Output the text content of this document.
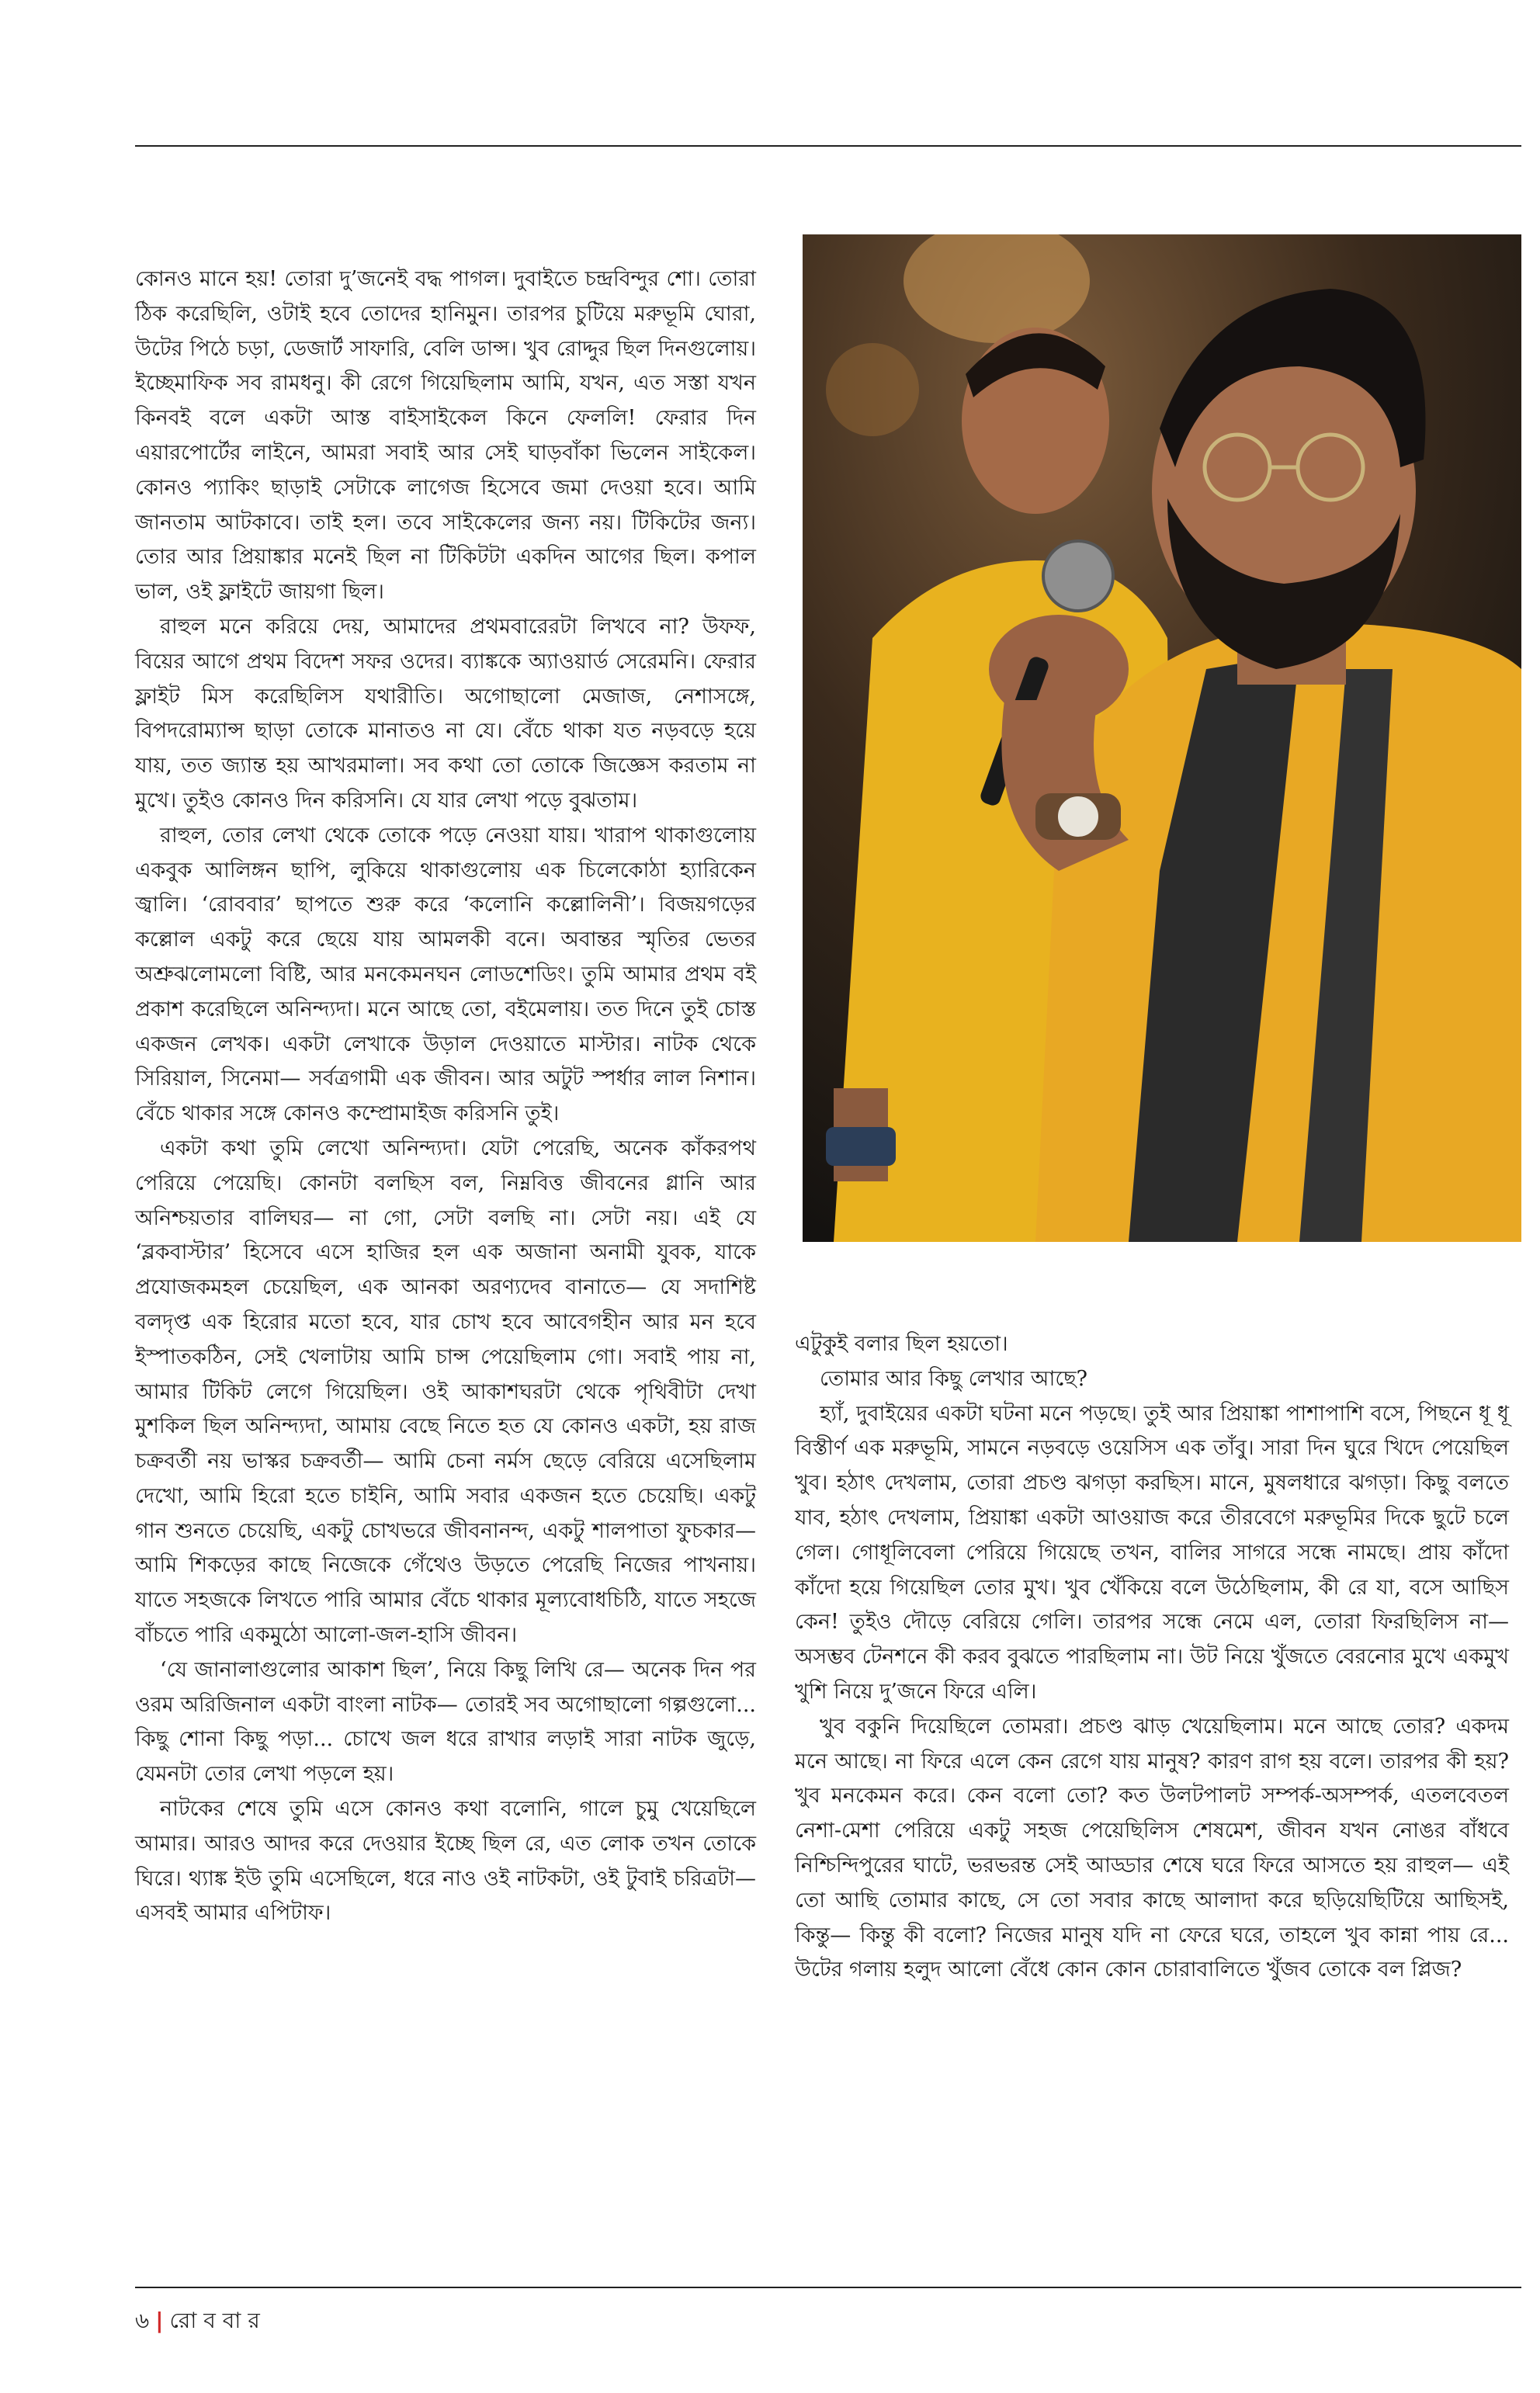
কোনও মানে হয়! তোরা দু’জনেই বদ্ধ পাগল। দুবাইতে চন্দ্রবিন্দুর শো। তোরা ঠিক করেছিলি, ওটাই হবে তোদের হানিমুন। তারপর চুটিয়ে মরুভূমি ঘোরা, উটের পিঠে চড়া, ডেজার্ট সাফারি, বেলি ডান্স। খুব রোদ্দুর ছিল দিনগুলোয়। ইচ্ছেমাফিক সব রামধনু। কী রেগে গিয়েছিলাম আমি, যখন, এত সস্তা যখন কিনবই বলে একটা আস্ত বাইসাইকেল কিনে ফেললি! ফেরার দিন এয়ারপোর্টের লাইনে, আমরা সবাই আর সেই ঘাড়বাঁকা ভিলেন সাইকেল। কোনও প্যাকিং ছাড়াই সেটাকে লাগেজ হিসেবে জমা দেওয়া হবে। আমি জানতাম আটকাবে। তাই হল। তবে সাইকেলের জন্য নয়। টিকিটের জন্য। তোর আর প্রিয়াঙ্কার মনেই ছিল না টিকিটটা একদিন আগের ছিল। কপাল ভাল, ওই ফ্লাইটে জায়গা ছিল।

রাহুল মনে করিয়ে দেয়, আমাদের প্রথমবারেরটা লিখবে না? উফফ, বিয়ের আগে প্রথম বিদেশ সফর ওদের। ব্যাঙ্ককে অ্যাওয়ার্ড সেরেমনি। ফেরার ফ্লাইট মিস করেছিলিস যথারীতি। অগোছালো মেজাজ, নেশাসঙ্গে, বিপদরোম্যান্স ছাড়া তোকে মানাতও না যে। বেঁচে থাকা যত নড়বড়ে হয়ে যায়, তত জ্যান্ত হয় আখরমালা। সব কথা তো তোকে জিজ্ঞেস করতাম না মুখে। তুইও কোনও দিন করিসনি। যে যার লেখা পড়ে বুঝতাম।

রাহুল, তোর লেখা থেকে তোকে পড়ে নেওয়া যায়। খারাপ থাকাগুলোয় একবুক আলিঙ্গন ছাপি, লুকিয়ে থাকাগুলোয় এক চিলেকোঠা হ্যারিকেন জ্বালি। ‘রোববার’ ছাপতে শুরু করে ‘কলোনি কল্লোলিনী’। বিজয়গড়ের কল্লোল একটু করে ছেয়ে যায় আমলকী বনে। অবান্তর স্মৃতির ভেতর অশ্রুঝলোমলো বিষ্টি, আর মনকেমনঘন লোডশেডিং। তুমি আমার প্রথম বই প্রকাশ করেছিলে অনিন্দ্যদা। মনে আছে তো, বইমেলায়। তত দিনে তুই চোস্ত একজন লেখক। একটা লেখাকে উড়াল দেওয়াতে মাস্টার। নাটক থেকে সিরিয়াল, সিনেমা— সর্বত্রগামী এক জীবন। আর অটুট স্পর্ধার লাল নিশান। বেঁচে থাকার সঙ্গে কোনও কম্প্রোমাইজ করিসনি তুই।

একটা কথা তুমি লেখো অনিন্দ্যদা। যেটা পেরেছি, অনেক কাঁকরপথ পেরিয়ে পেয়েছি। কোনটা বলছিস বল, নিম্নবিত্ত জীবনের গ্লানি আর অনিশ্চয়তার বালিঘর— না গো, সেটা বলছি না। সেটা নয়। এই যে ‘ব্লকবাস্টার’ হিসেবে এসে হাজির হল এক অজানা অনামী যুবক, যাকে প্রযোজকমহল চেয়েছিল, এক আনকা অরণ্যদেব বানাতে— যে সদাশিষ্ট বলদৃপ্ত এক হিরোর মতো হবে, যার চোখ হবে আবেগহীন আর মন হবে ইস্পাতকঠিন, সেই খেলাটায় আমি চান্স পেয়েছিলাম গো। সবাই পায় না, আমার টিকিট লেগে গিয়েছিল। ওই আকাশঘরটা থেকে পৃথিবীটা দেখা মুশকিল ছিল অনিন্দ্যদা, আমায় বেছে নিতে হত যে কোনও একটা, হয় রাজ চক্রবর্তী নয় ভাস্কর চক্রবর্তী— আমি চেনা নর্মস ছেড়ে বেরিয়ে এসেছিলাম দেখো, আমি হিরো হতে চাইনি, আমি সবার একজন হতে চেয়েছি। একটু গান শুনতে চেয়েছি, একটু চোখভরে জীবনানন্দ, একটু শালপাতা ফুচকার— আমি শিকড়ের কাছে নিজেকে গেঁথেও উড়তে পেরেছি নিজের পাখনায়। যাতে সহজকে লিখতে পারি আমার বেঁচে থাকার মূল্যবোধচিঠি, যাতে সহজে বাঁচতে পারি একমুঠো আলো-জল-হাসি জীবন।

‘যে জানালাগুলোর আকাশ ছিল’, নিয়ে কিছু লিখি রে— অনেক দিন পর ওরম অরিজিনাল একটা বাংলা নাটক— তোরই সব অগোছালো গল্পগুলো... কিছু শোনা কিছু পড়া... চোখে জল ধরে রাখার লড়াই সারা নাটক জুড়ে, যেমনটা তোর লেখা পড়লে হয়।

নাটকের শেষে তুমি এসে কোনও কথা বলোনি, গালে চুমু খেয়েছিলে আমার। আরও আদর করে দেওয়ার ইচ্ছে ছিল রে, এত লোক তখন তোকে ঘিরে। থ্যাঙ্ক ইউ তুমি এসেছিলে, ধরে নাও ওই নাটকটা, ওই টুবাই চরিত্রটা— এসবই আমার এপিটাফ।

এটুকুই বলার ছিল হয়তো।

তোমার আর কিছু লেখার আছে?

হ্যাঁ, দুবাইয়ের একটা ঘটনা মনে পড়ছে। তুই আর প্রিয়াঙ্কা পাশাপাশি বসে, পিছনে ধূ ধূ বিস্তীর্ণ এক মরুভূমি, সামনে নড়বড়ে ওয়েসিস এক তাঁবু। সারা দিন ঘুরে খিদে পেয়েছিল খুব। হঠাৎ দেখলাম, তোরা প্রচণ্ড ঝগড়া করছিস। মানে, মুষলধারে ঝগড়া। কিছু বলতে যাব, হঠাৎ দেখলাম, প্রিয়াঙ্কা একটা আওয়াজ করে তীরবেগে মরুভূমির দিকে ছুটে চলে গেল। গোধূলিবেলা পেরিয়ে গিয়েছে তখন, বালির সাগরে সন্ধে নামছে। প্রায় কাঁদো কাঁদো হয়ে গিয়েছিল তোর মুখ। খুব খেঁকিয়ে বলে উঠেছিলাম, কী রে যা, বসে আছিস কেন! তুইও দৌড়ে বেরিয়ে গেলি। তারপর সন্ধে নেমে এল, তোরা ফিরছিলিস না— অসম্ভব টেনশনে কী করব বুঝতে পারছিলাম না। উট নিয়ে খুঁজতে বেরনোর মুখে একমুখ খুশি নিয়ে দু’জনে ফিরে এলি।

খুব বকুনি দিয়েছিলে তোমরা। প্রচণ্ড ঝাড় খেয়েছিলাম। মনে আছে তোর? একদম মনে আছে। না ফিরে এলে কেন রেগে যায় মানুষ? কারণ রাগ হয় বলে। তারপর কী হয়? খুব মনকেমন করে। কেন বলো তো? কত উলটপালট সম্পর্ক-অসম্পর্ক, এতলবেতল নেশা-মেশা পেরিয়ে একটু সহজ পেয়েছিলিস শেষমেশ, জীবন যখন নোঙর বাঁধবে নিশ্চিন্দিপুরের ঘাটে, ভরভরন্ত সেই আড্ডার শেষে ঘরে ফিরে আসতে হয় রাহুল— এই তো আছি তোমার কাছে, সে তো সবার কাছে আলাদা করে ছড়িয়েছিটিয়ে আছিসই, কিন্তু— কিন্তু কী বলো? নিজের মানুষ যদি না ফেরে ঘরে, তাহলে খুব কান্না পায় রে... উটের গলায় হলুদ আলো বেঁধে কোন কোন চোরাবালিতে খুঁজব তোকে বল প্লিজ?

৬ | রো ব বা র
